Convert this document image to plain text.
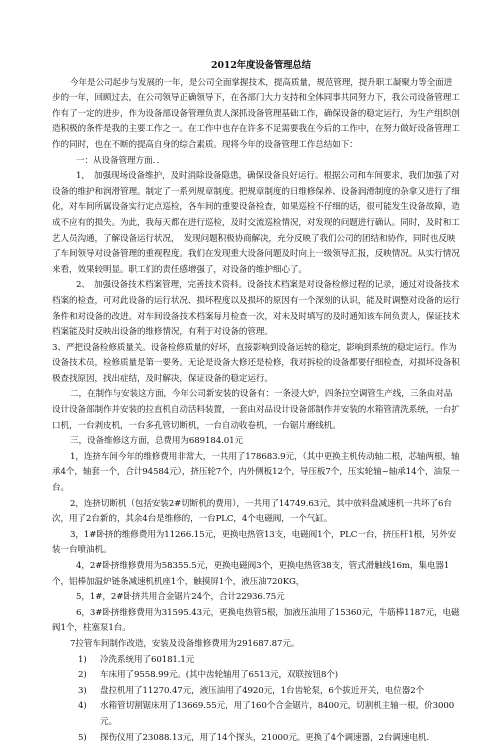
2012年度设备管理总结

今年是公司起步与发展的一年，是公司全面掌握技术，提高质量，规范管理，提升职工凝聚力等全面进步的一年，回顾过去，在公司领导正确领导下，在各部门大力支持和全体同事共同努力下，我公司设备管理工作有了一定的进步，作为设备部设备管理负责人深抓设备管理基础工作，确保设备的稳定运行，为生产组织创造积极的条件是我的主要工作之一。在工作中也存在许多不足需要我在今后的工作中，在努力做好设备管理工作的同时，也在不断的提高自身的综合素质。现将今年的设备管理工作总结如下：

一：从设备管理方面．．

1，　加强现场设备维护，及时消除设备隐患，确保设备良好运行。根据公司和车间要求，我们加强了对设备的维护和润滑管理。制定了一系列规章制度。把规章制度的日维修保养、设备润滑制度的杂拿又进行了细化，对车间所属设备实行定点巡检，各车间的重要设备检查，如果巡检不仔细的话，很可能发生设备故障，造成不应有的损失。为此，我每天都在进行巡检，及时交流巡检情况，对发现的问题进行确认。同时，及时和工艺人员沟通，了解设备运行状况，　发现问题积极协商解决，充分反映了我们公司的团结和协作，同时也反映了车间领导对设备管理的重视程度。我们在发现重大设备问题及时向上一级领导汇报，反映情况。从实行情况来看，效果较明显。职工们的责任感增强了，对设备的维护细心了。

2、　加强设备技术档案管理，完善技术资料。设备技术档案是对设备检修过程的记录，通过对设备技术档案的检查，可对此设备的运行状况、损坏程度以及损坏的原因有一个深刻的认识，能及时调整对设备的运行条件和对设备的改进。对车间设备技术档案每月检查一次，对未及时填写的及时通知该车间负责人，保证技术档案能及时反映出设备的维修情况，有利于对设备的管理。

3、严把设备检修质量关。设备检修质量的好坏，直接影响到设备运转的稳定，影响到系统的稳定运行。作为设备技术员，检修质量是第一要务。无论是设备大修还是检修，我对拆检的设备都要仔细检查，对损坏设备积极查找原因，找出症结，及时解决，保证设备的稳定运行。

二，在制作与安装这方面，今年公司新安装的设备有：一条浸大炉，四条拉空调管生产线，三条由对品设计设备部制作并安装的拉直机自动活料装置，一套由对品设计设备部制作并安装的水箱管清洗系统，一台扩口机，一台剥皮机，一台多孔管切断机，一台自动收卷机，一台锯片磨线机。

三，设备维修这方面，总费用为689184.01元

1，连挤车间今年的维修费用非常大，一共用了178683.9元，（其中更换主机传动轴二根，芯轴两根，轴承4个，轴套一个，合计94584元），挤压轮7个，内外侧板12个，导压板7个，压实轮轴~轴承14个，油泵一台。

2，连挤切断机（包括安装2#切断机的费用），一共用了14749.63元，其中放料盘减速机一共坏了6台次，用了2台新的，其余4台是维修的，一台PLC，4个电磁阀，一个气缸。

3，1#卧挤的维修费用为11266.15元，更换电热管13支，电磁阀1个，PLC一台，挤压杆1根，另外安装一台喷油机。

4，2#卧挤维修费用为58355.5元，更换电磁阀3个，更换电热管38支，管式滑触线16m，集电器1个，铝棒加温炉链条减速机机座1个，触摸屏1个，液压油720KG，

5，1#，2#卧挤共用合金锯片24个，合计22936.75元

6，3#卧挤维修费用为31595.43元，更换电热管5根，加液压油用了15360元，牛筋棒1187元，电磁阀1个，柱塞泵1台。

7拉管车间制作改造，安装及设备维修费用为291687.87元。

1)	冷洗系统用了60181.1元
2)	车床用了9558.99元。(其中齿轮轴用了6513元，双联按钮8个)
3)	盘拉机用了11270.47元，液压油用了4920元，1台齿轮泵，6个拔近开关，电位器2个
4)	水箱管切割锯床用了13669.55元，用了160个合金锯片，8400元，切割机主轴一根，价3000元。
5)	探伤仪用了23088.13元，用了14个探头，21000元。更换了4个调速器，2台调速电机.
